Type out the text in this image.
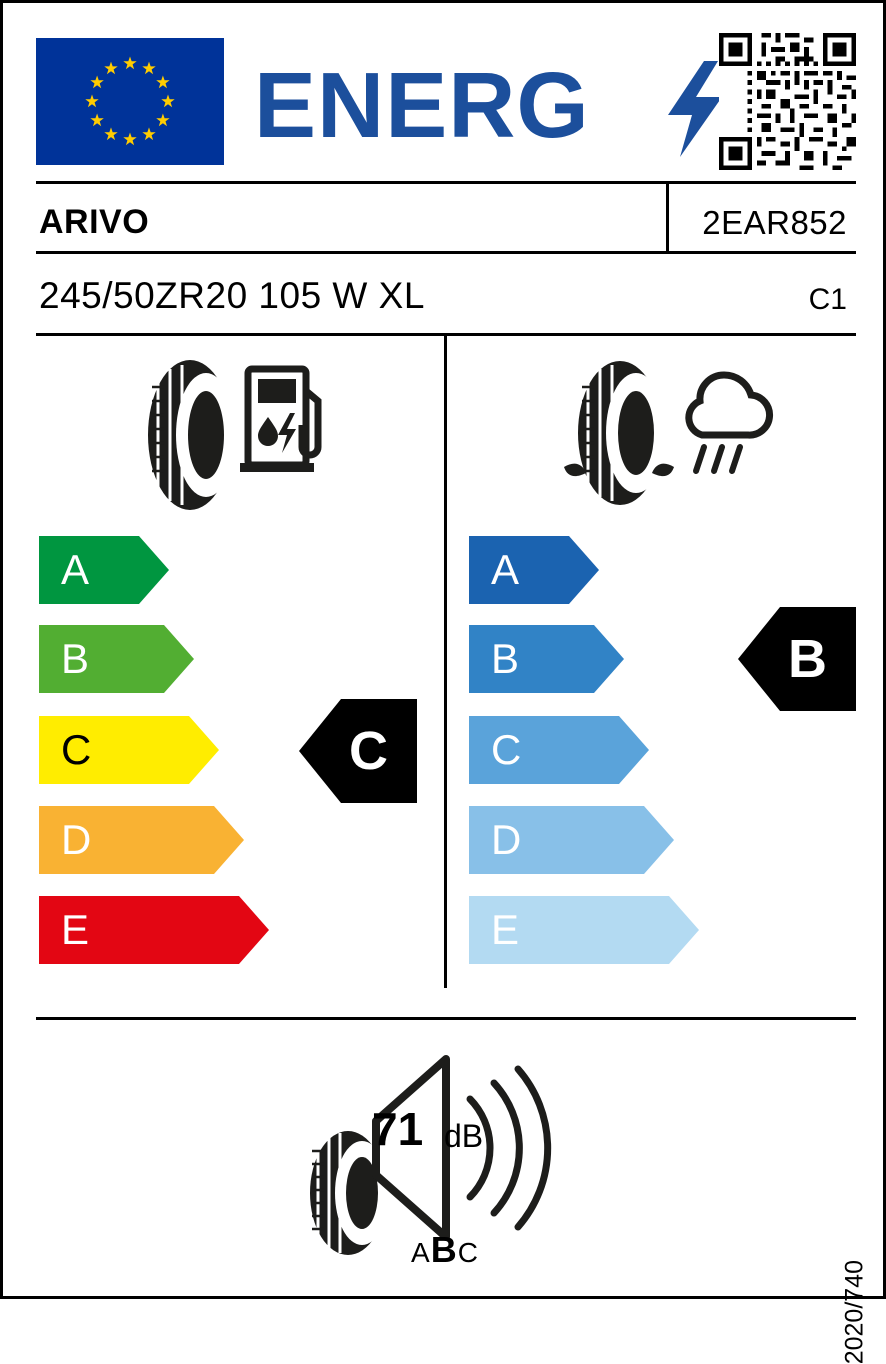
ENERG
ARIVO	2EAR852
245/50ZR20 105 W XL	C1
A
B
C
D
E
C
A
B
C
D
E
B
71 dB
ABC
2020/740
